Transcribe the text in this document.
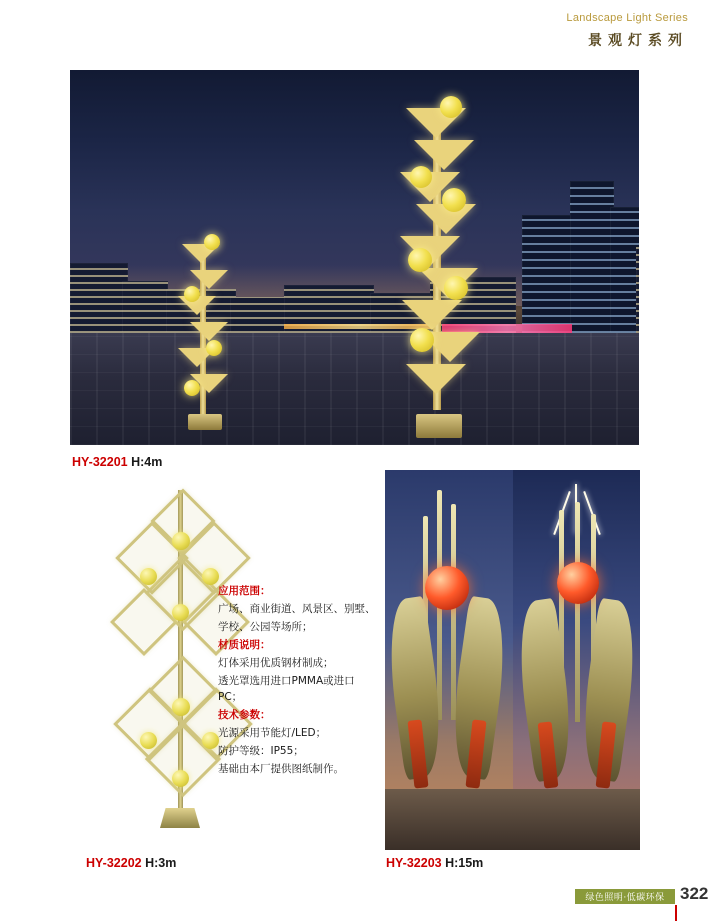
Landscape Light Series
景观灯系列
HY-32201 H:4m
HY-32202 H:3m

应用范围：

广场、商业街道、风景区、别墅、

学校、公园等场所；

材质说明：

灯体采用优质钢材制成；

透光罩选用进口PMMA或进口PC；

技术参数：

光源采用节能灯/LED；

防护等级：IP55；

基础由本厂提供图纸制作。

HY-32203 H:15m
绿色照明·低碳环保 322
